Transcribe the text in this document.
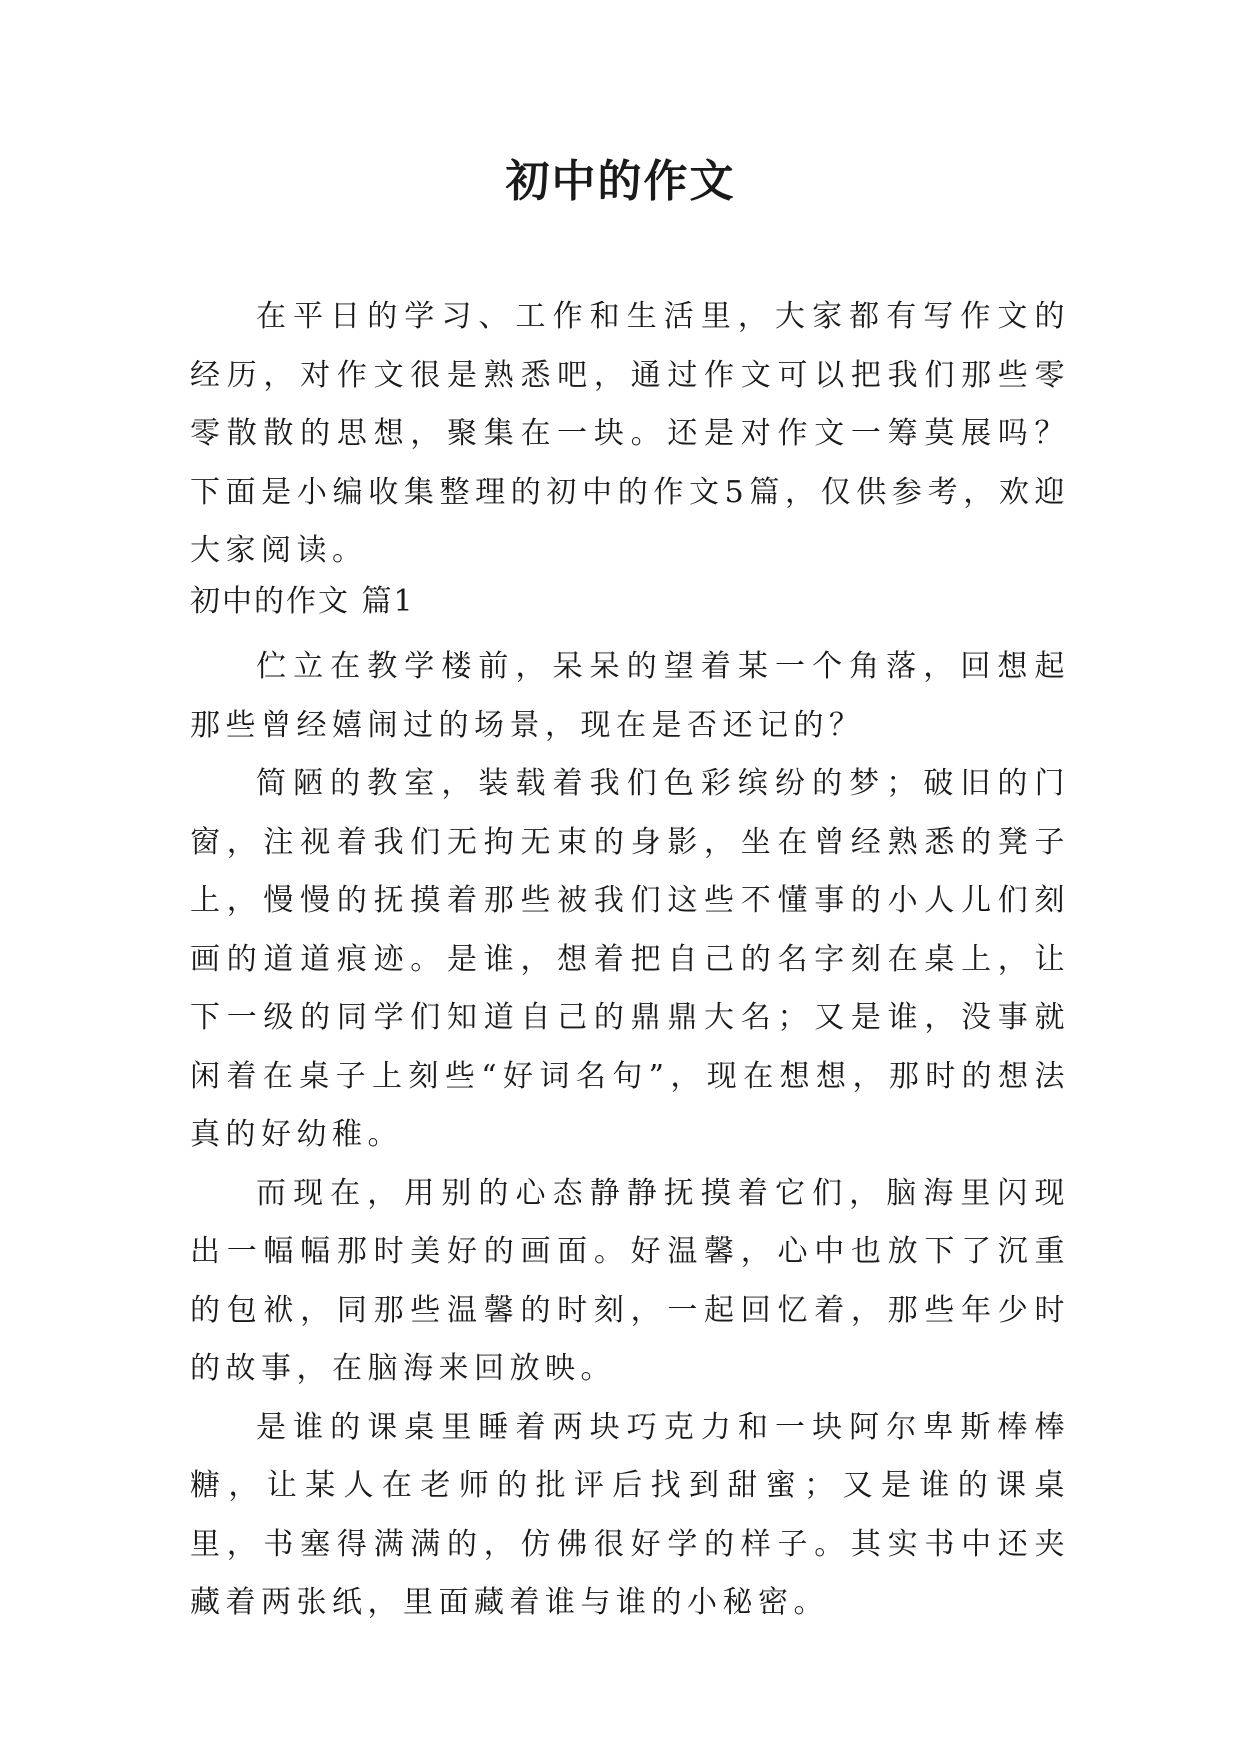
初中的作文

在平日的学习、工作和生活里，大家都有写作文的经历，对作文很是熟悉吧，通过作文可以把我们那些零零散散的思想，聚集在一块。还是对作文一筹莫展吗？下面是小编收集整理的初中的作文5篇，仅供参考，欢迎大家阅读。

初中的作文 篇1

伫立在教学楼前，呆呆的望着某一个角落，回想起那些曾经嬉闹过的场景，现在是否还记的？

简陋的教室，装载着我们色彩缤纷的梦；破旧的门窗，注视着我们无拘无束的身影，坐在曾经熟悉的凳子上，慢慢的抚摸着那些被我们这些不懂事的小人儿们刻画的道道痕迹。是谁，想着把自己的名字刻在桌上，让下一级的同学们知道自己的鼎鼎大名；又是谁，没事就闲着在桌子上刻些“好词名句”，现在想想，那时的想法真的好幼稚。

而现在，用别的心态静静抚摸着它们，脑海里闪现出一幅幅那时美好的画面。好温馨，心中也放下了沉重的包袱，同那些温馨的时刻，一起回忆着，那些年少时的故事，在脑海来回放映。

是谁的课桌里睡着两块巧克力和一块阿尔卑斯棒棒糖，让某人在老师的批评后找到甜蜜；又是谁的课桌里，书塞得满满的，仿佛很好学的样子。其实书中还夹藏着两张纸，里面藏着谁与谁的小秘密。
